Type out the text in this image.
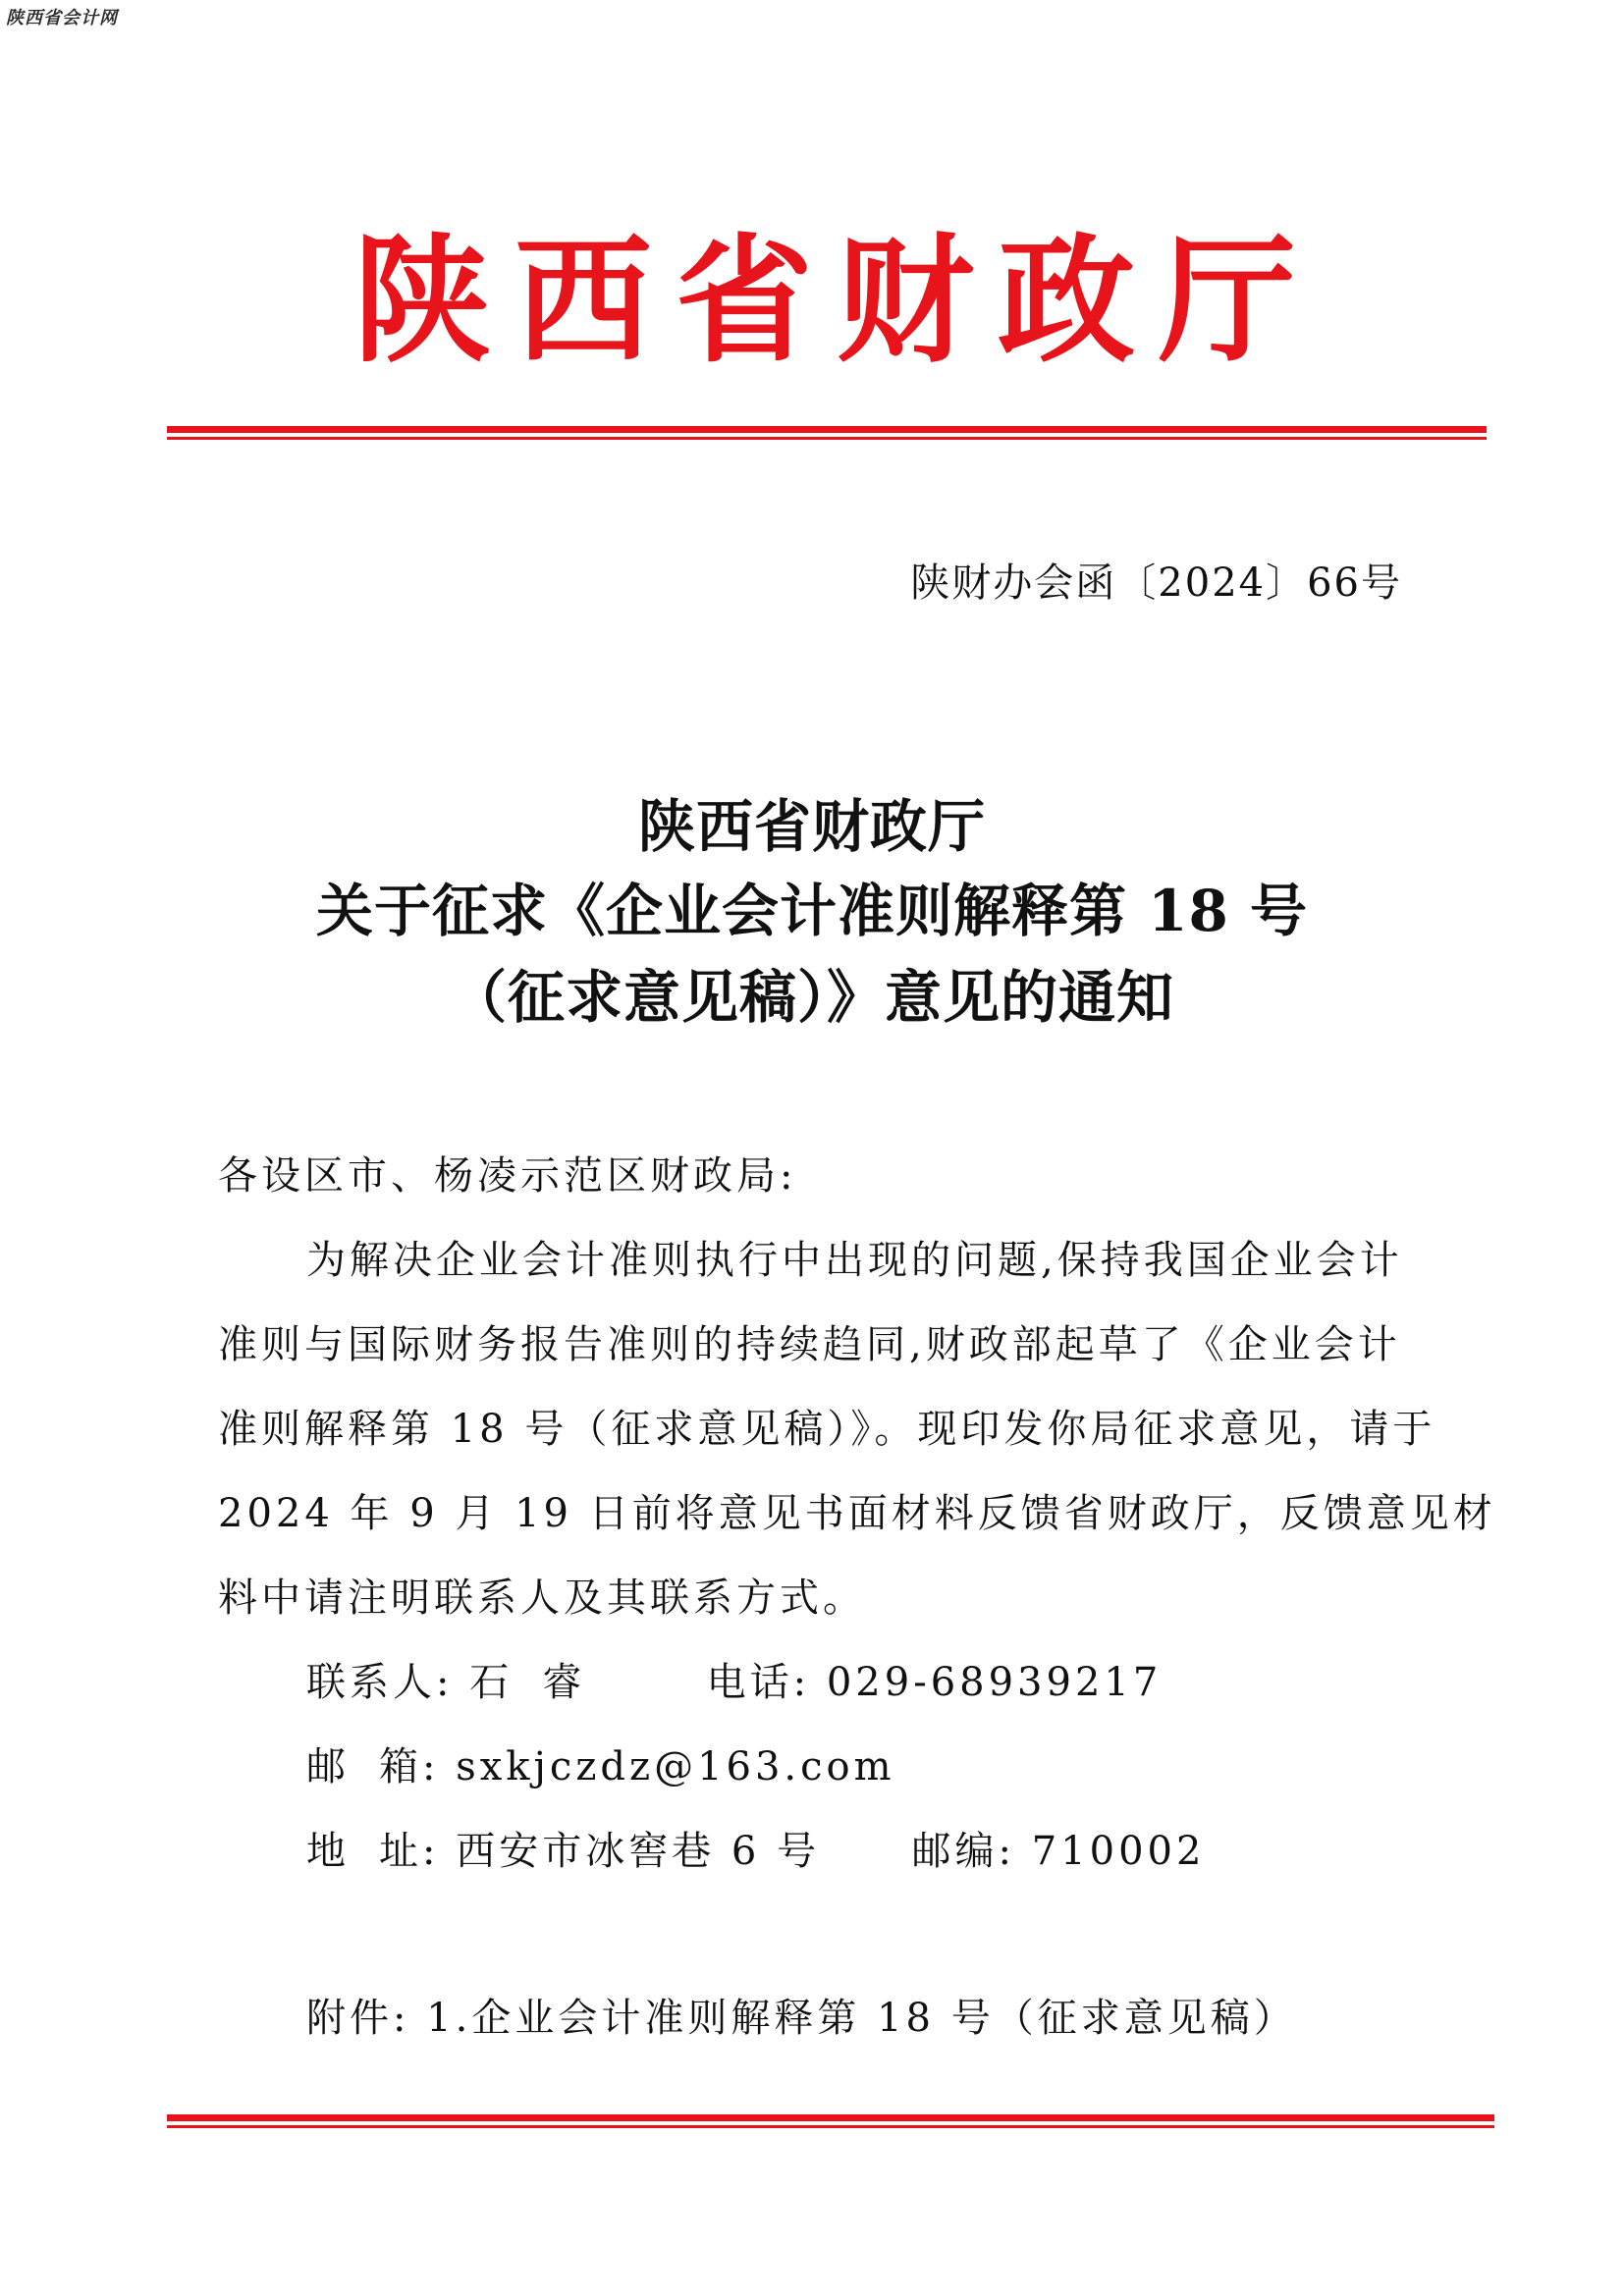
陕西省会计网
陕 西 省 财 政 厅
陕财办会函〔2024〕66号
陕西省财政厅
关于征求《企业会计准则解释第 18 号
（征求意见稿）》意见的通知
各设区市、杨凌示范区财政局:
为解决企业会计准则执行中出现的问题,保持我国企业会计
准则与国际财务报告准则的持续趋同,财政部起草了《企业会计
准则解释第 18 号（征求意见稿）》。现印发你局征求意见，请于
2024 年 9 月 19 日前将意见书面材料反馈省财政厅，反馈意见材
料中请注明联系人及其联系方式。
联系人: 石 睿	电话: 029-68939217
邮 箱: sxkjczdz@163.com
地 址: 西安市冰窖巷 6 号 邮编: 710002
附件: 1.企业会计准则解释第 18 号（征求意见稿）
